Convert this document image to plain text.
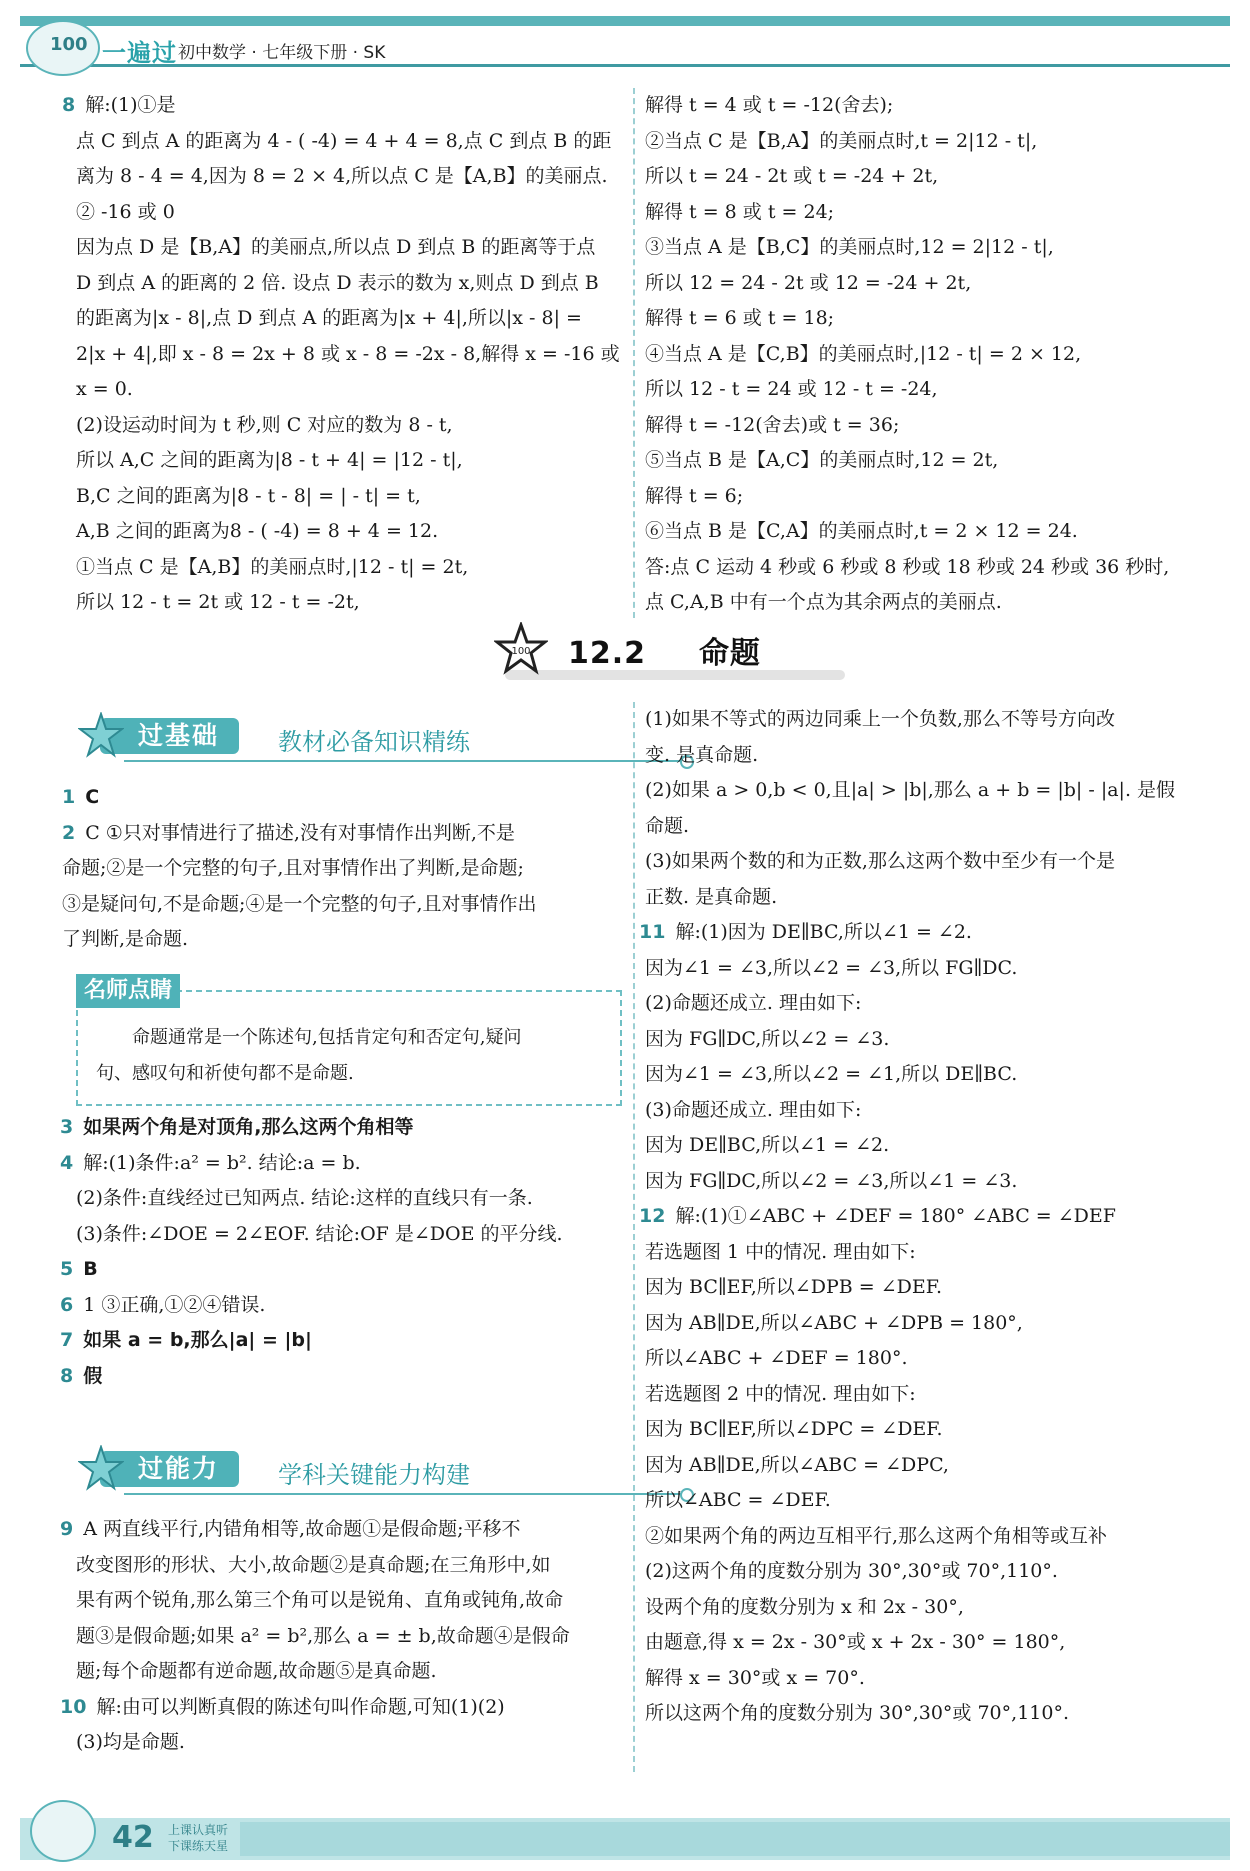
100 一遍过 初中数学 · 七年级下册 · SK

8 解:(1)①是

点 C 到点 A 的距离为 4 - ( -4) = 4 + 4 = 8,点 C 到点 B 的距

离为 8 - 4 = 4,因为 8 = 2 × 4,所以点 C 是【A,B】的美丽点.

② -16 或 0

因为点 D 是【B,A】的美丽点,所以点 D 到点 B 的距离等于点

D 到点 A 的距离的 2 倍. 设点 D 表示的数为 x,则点 D 到点 B

的距离为|x - 8|,点 D 到点 A 的距离为|x + 4|,所以|x - 8| =

2|x + 4|,即 x - 8 = 2x + 8 或 x - 8 = -2x - 8,解得 x = -16 或

x = 0.

(2)设运动时间为 t 秒,则 C 对应的数为 8 - t,

所以 A,C 之间的距离为|8 - t + 4| = |12 - t|,

B,C 之间的距离为|8 - t - 8| = | - t| = t,

A,B 之间的距离为8 - ( -4) = 8 + 4 = 12.

①当点 C 是【A,B】的美丽点时,|12 - t| = 2t,

所以 12 - t = 2t 或 12 - t = -2t,

解得 t = 4 或 t = -12(舍去);

②当点 C 是【B,A】的美丽点时,t = 2|12 - t|,

所以 t = 24 - 2t 或 t = -24 + 2t,

解得 t = 8 或 t = 24;

③当点 A 是【B,C】的美丽点时,12 = 2|12 - t|,

所以 12 = 24 - 2t 或 12 = -24 + 2t,

解得 t = 6 或 t = 18;

④当点 A 是【C,B】的美丽点时,|12 - t| = 2 × 12,

所以 12 - t = 24 或 12 - t = -24,

解得 t = -12(舍去)或 t = 36;

⑤当点 B 是【A,C】的美丽点时,12 = 2t,

解得 t = 6;

⑥当点 B 是【C,A】的美丽点时,t = 2 × 12 = 24.

答:点 C 运动 4 秒或 6 秒或 8 秒或 18 秒或 24 秒或 36 秒时,

点 C,A,B 中有一个点为其余两点的美丽点.

100 12.2 命题
过基础	教材必备知识精练

1 C

2 C ①只对事情进行了描述,没有对事情作出判断,不是

命题;②是一个完整的句子,且对事情作出了判断,是命题;

③是疑问句,不是命题;④是一个完整的句子,且对事情作出

了判断,是命题.

名师点睛

命题通常是一个陈述句,包括肯定句和否定句,疑问

句、感叹句和祈使句都不是命题.

3 如果两个角是对顶角,那么这两个角相等

4 解:(1)条件:a² = b². 结论:a = b.

(2)条件:直线经过已知两点. 结论:这样的直线只有一条.

(3)条件:∠DOE = 2∠EOF. 结论:OF 是∠DOE 的平分线.

5 B

6 1 ③正确,①②④错误.

7 如果 a = b,那么|a| = |b|

8 假

过能力	学科关键能力构建

9 A 两直线平行,内错角相等,故命题①是假命题;平移不

改变图形的形状、大小,故命题②是真命题;在三角形中,如

果有两个锐角,那么第三个角可以是锐角、直角或钝角,故命

题③是假命题;如果 a² = b²,那么 a = ± b,故命题④是假命

题;每个命题都有逆命题,故命题⑤是真命题.

10 解:由可以判断真假的陈述句叫作命题,可知(1)(2)

(3)均是命题.

(1)如果不等式的两边同乘上一个负数,那么不等号方向改

变. 是真命题.

(2)如果 a > 0,b < 0,且|a| > |b|,那么 a + b = |b| - |a|. 是假

命题.

(3)如果两个数的和为正数,那么这两个数中至少有一个是

正数. 是真命题.

11 解:(1)因为 DE∥BC,所以∠1 = ∠2.

因为∠1 = ∠3,所以∠2 = ∠3,所以 FG∥DC.

(2)命题还成立. 理由如下:

因为 FG∥DC,所以∠2 = ∠3.

因为∠1 = ∠3,所以∠2 = ∠1,所以 DE∥BC.

(3)命题还成立. 理由如下:

因为 DE∥BC,所以∠1 = ∠2.

因为 FG∥DC,所以∠2 = ∠3,所以∠1 = ∠3.

12 解:(1)①∠ABC + ∠DEF = 180° ∠ABC = ∠DEF

若选题图 1 中的情况. 理由如下:

因为 BC∥EF,所以∠DPB = ∠DEF.

因为 AB∥DE,所以∠ABC + ∠DPB = 180°,

所以∠ABC + ∠DEF = 180°.

若选题图 2 中的情况. 理由如下:

因为 BC∥EF,所以∠DPC = ∠DEF.

因为 AB∥DE,所以∠ABC = ∠DPC,

所以∠ABC = ∠DEF.

②如果两个角的两边互相平行,那么这两个角相等或互补

(2)这两个角的度数分别为 30°,30°或 70°,110°.

设两个角的度数分别为 x 和 2x - 30°,

由题意,得 x = 2x - 30°或 x + 2x - 30° = 180°,

解得 x = 30°或 x = 70°.

所以这两个角的度数分别为 30°,30°或 70°,110°.

42 上课认真听

下课练天星
